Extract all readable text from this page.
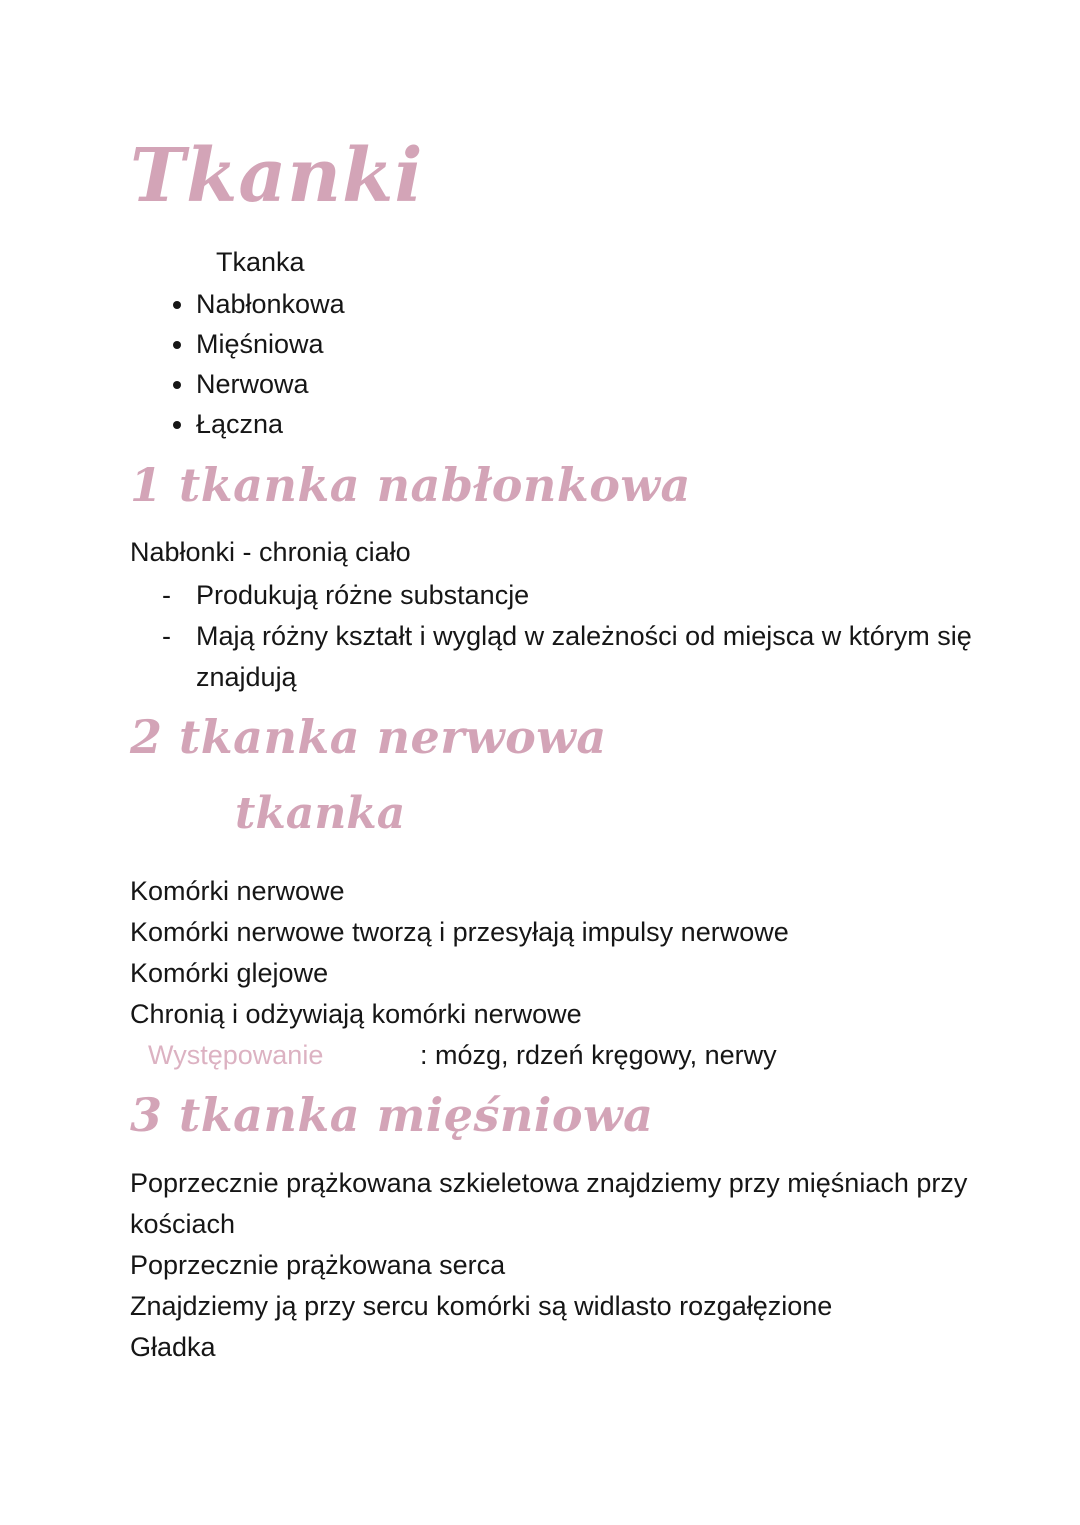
Tkanki

Tkanka

• Nabłonkowa
• Mięśniowa
• Nerwowa
• Łączna
1 tkanka nabłonkowa

Nabłonki - chronią ciało

- Produkują różne substancje
- Mają różny kształt i wygląd w zależności od miejsca w którym się znajdują
2 tkanka nerwowa
tkanka

Komórki nerwowe

Komórki nerwowe tworzą i przesyłają impulsy nerwowe

Komórki glejowe

Chronią i odżywiają komórki nerwowe

Występowanie	: mózg, rdzeń kręgowy, nerwy

3 tkanka mięśniowa

Poprzecznie prążkowana szkieletowa znajdziemy przy mięśniach przy kościach

Poprzecznie prążkowana serca

Znajdziemy ją przy sercu komórki są widlasto rozgałęzione

Gładka
